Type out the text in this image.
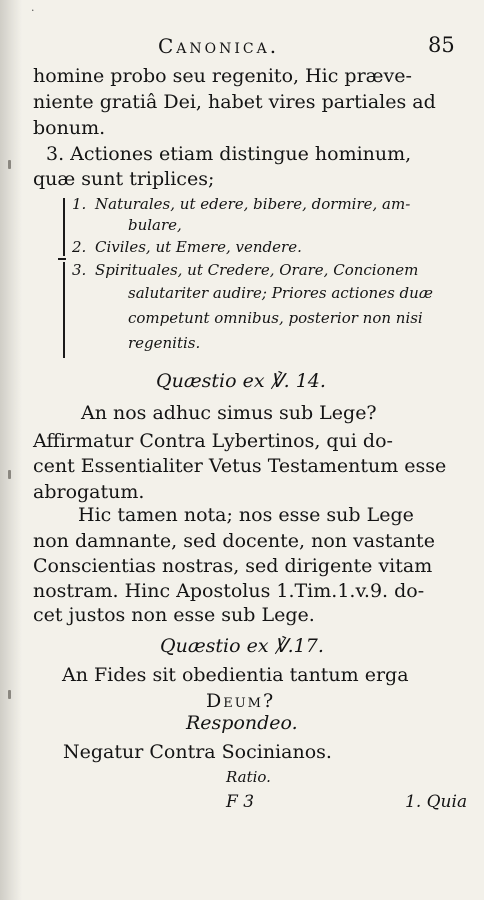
·
Canonica.	85
homine probo seu regenito, Hic præve-
niente gratiâ Dei, habet vires partiales ad
bonum.
3. Actiones etiam distingue hominum,
quæ sunt triplices;
1. Naturales, ut edere, bibere, dormire, am-
bulare,
2. Civiles, ut Emere, vendere.
3. Spirituales, ut Credere, Orare, Concionem
salutariter audire; Priores actiones duæ
competunt omnibus, posterior non nisi
regenitis.
Quæstio ex ℣. 14.
An nos adhuc simus sub Lege?
Affirmatur Contra Lybertinos, qui do-
cent Essentialiter Vetus Testamentum esse
abrogatum.
Hic tamen nota; nos esse sub Lege
non damnante, sed docente, non vastante
Conscientias nostras, sed dirigente vitam
nostram. Hinc Apostolus 1.Tim.1.v.9. do-
cet justos non esse sub Lege.
Quæstio ex ℣.17.
An Fides sit obedientia tantum erga
Deum?
Respondeo.
Negatur Contra Socinianos.
Ratio.
F 3	1. Quia
